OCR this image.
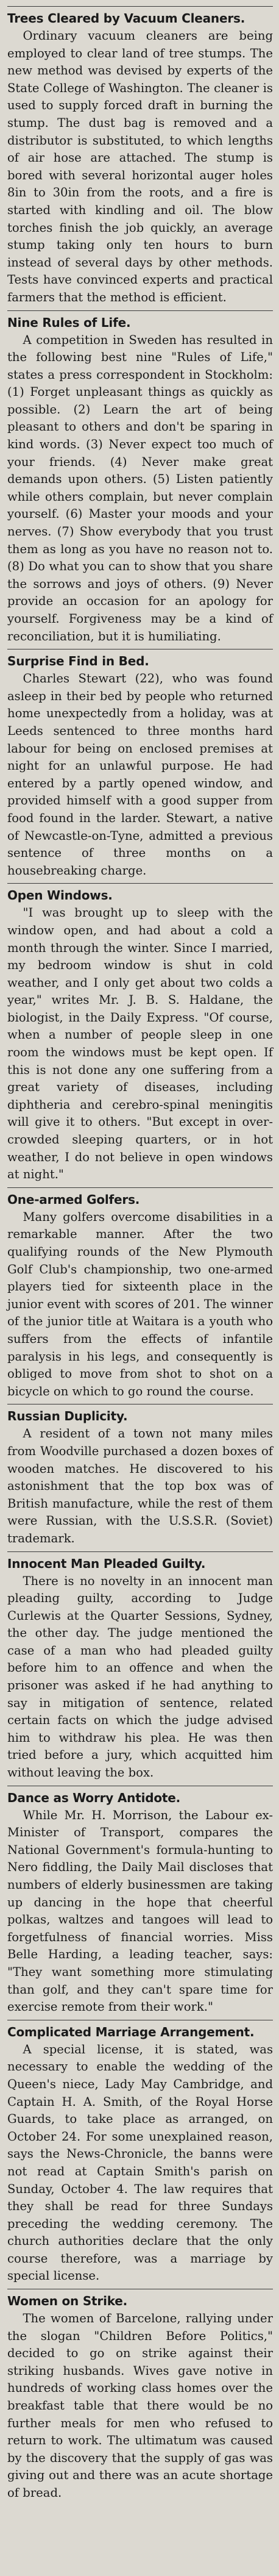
Trees Cleared by Vacuum Cleaners.

Ordinary vacuum cleaners are being employed to clear land of tree stumps. The new method was devised by experts of the State College of Washington. The cleaner is used to supply forced draft in burning the stump. The dust bag is removed and a distributor is substituted, to which lengths of air hose are attached. The stump is bored with several horizontal auger holes 8in to 30in from the roots, and a fire is started with kindling and oil. The blow torches finish the job quickly, an average stump taking only ten hours to burn instead of several days by other methods. Tests have convinced experts and practical farmers that the method is efficient.

Nine Rules of Life.

A competition in Sweden has resulted in the following best nine "Rules of Life," states a press correspondent in Stockholm: (1) Forget unpleasant things as quickly as possible. (2) Learn the art of being pleasant to others and don't be sparing in kind words. (3) Never expect too much of your friends. (4) Never make great demands upon others. (5) Listen patiently while others complain, but never complain yourself. (6) Master your moods and your nerves. (7) Show everybody that you trust them as long as you have no reason not to. (8) Do what you can to show that you share the sorrows and joys of others. (9) Never provide an occasion for an apology for yourself. Forgiveness may be a kind of reconciliation, but it is humiliating.

Surprise Find in Bed.

Charles Stewart (22), who was found asleep in their bed by people who returned home unexpectedly from a holiday, was at Leeds sentenced to three months hard labour for being on enclosed premises at night for an unlawful purpose. He had entered by a partly opened window, and provided himself with a good supper from food found in the larder. Stewart, a native of Newcastle-on-Tyne, admitted a previous sentence of three months on a housebreaking charge.

Open Windows.

"I was brought up to sleep with the window open, and had about a cold a month through the winter. Since I married, my bedroom window is shut in cold weather, and I only get about two colds a year," writes Mr. J. B. S. Haldane, the biologist, in the Daily Express. "Of course, when a number of people sleep in one room the windows must be kept open. If this is not done any one suffering from a great variety of diseases, including diphtheria and cerebro-spinal meningitis will give it to others. "But except in over-crowded sleeping quarters, or in hot weather, I do not believe in open windows at night."

One-armed Golfers.

Many golfers overcome disabilities in a remarkable manner. After the two qualifying rounds of the New Plymouth Golf Club's championship, two one-armed players tied for sixteenth place in the junior event with scores of 201. The winner of the junior title at Waitara is a youth who suffers from the effects of infantile paralysis in his legs, and consequently is obliged to move from shot to shot on a bicycle on which to go round the course.

Russian Duplicity.

A resident of a town not many miles from Woodville purchased a dozen boxes of wooden matches. He discovered to his astonishment that the top box was of British manufacture, while the rest of them were Russian, with the U.S.S.R. (Soviet) trademark.

Innocent Man Pleaded Guilty.

There is no novelty in an innocent man pleading guilty, according to Judge Curlewis at the Quarter Sessions, Sydney, the other day. The judge mentioned the case of a man who had pleaded guilty before him to an offence and when the prisoner was asked if he had anything to say in mitigation of sentence, related certain facts on which the judge advised him to withdraw his plea. He was then tried before a jury, which acquitted him without leaving the box.

Dance as Worry Antidote.

While Mr. H. Morrison, the Labour ex-Minister of Transport, compares the National Government's formula-hunting to Nero fiddling, the Daily Mail discloses that numbers of elderly businessmen are taking up dancing in the hope that cheerful polkas, waltzes and tangoes will lead to forgetfulness of financial worries. Miss Belle Harding, a leading teacher, says: "They want something more stimulating than golf, and they can't spare time for exercise remote from their work."

Complicated Marriage Arrangement.

A special license, it is stated, was necessary to enable the wedding of the Queen's niece, Lady May Cambridge, and Captain H. A. Smith, of the Royal Horse Guards, to take place as arranged, on October 24. For some unexplained reason, says the News-Chronicle, the banns were not read at Captain Smith's parish on Sunday, October 4. The law requires that they shall be read for three Sundays preceding the wedding ceremony. The church authorities declare that the only course therefore, was a marriage by special license.

Women on Strike.

The women of Barcelone, rallying under the slogan "Children Before Politics," decided to go on strike against their striking husbands. Wives gave notive in hundreds of working class homes over the breakfast table that there would be no further meals for men who refused to return to work. The ultimatum was caused by the discovery that the supply of gas was giving out and there was an acute shortage of bread.
